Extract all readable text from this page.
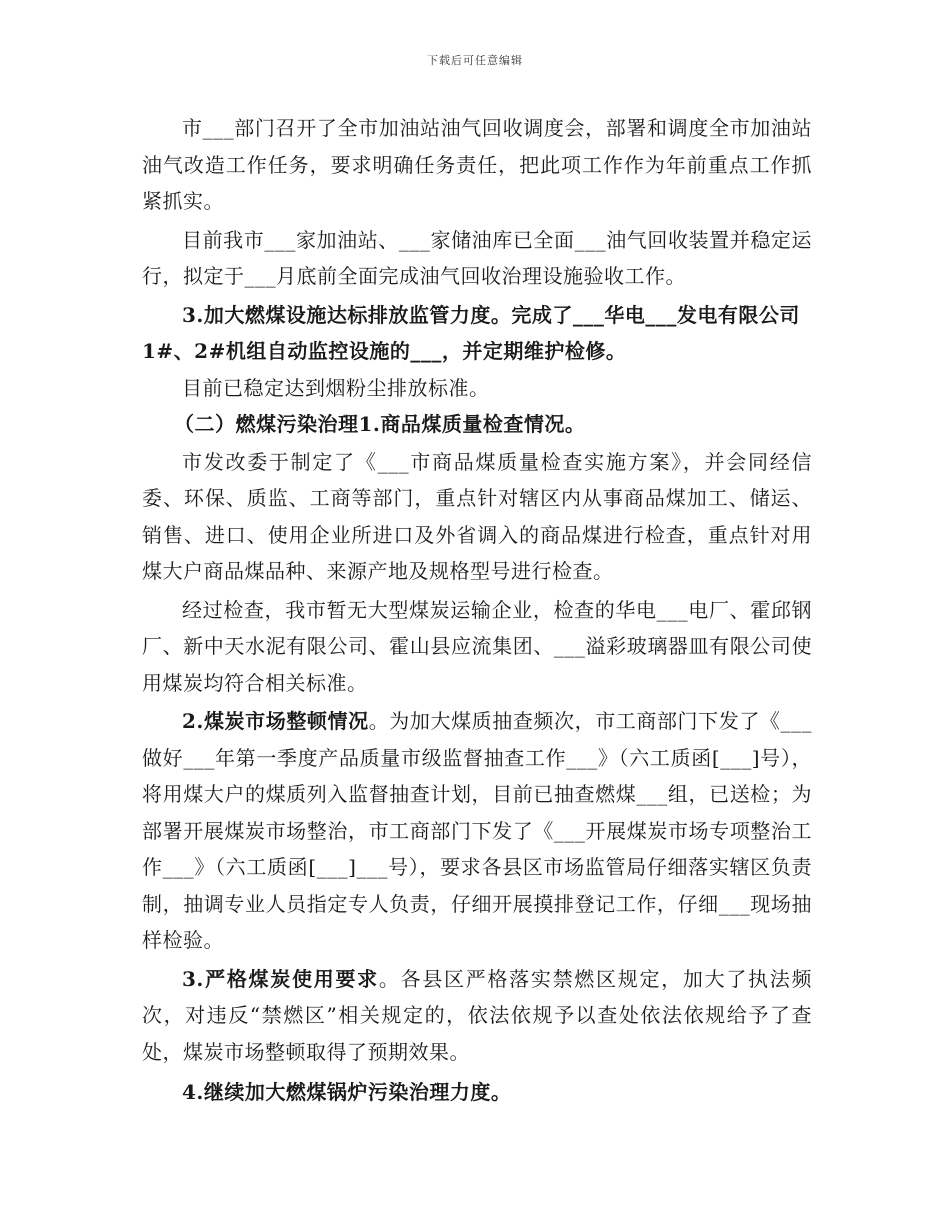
下载后可任意编辑

市___部门召开了全市加油站油气回收调度会，部署和调度全市加油站油气改造工作任务，要求明确任务责任，把此项工作作为年前重点工作抓紧抓实。

目前我市___家加油站、___家储油库已全面___油气回收装置并稳定运行，拟定于___月底前全面完成油气回收治理设施验收工作。

3.加大燃煤设施达标排放监管力度。完成了___华电___发电有限公司1#、2#机组自动监控设施的___，并定期维护检修。

目前已稳定达到烟粉尘排放标准。

（二）燃煤污染治理1.商品煤质量检查情况。

市发改委于制定了《___市商品煤质量检查实施方案》，并会同经信委、环保、质监、工商等部门，重点针对辖区内从事商品煤加工、储运、销售、进口、使用企业所进口及外省调入的商品煤进行检查，重点针对用煤大户商品煤品种、来源产地及规格型号进行检查。

经过检查，我市暂无大型煤炭运输企业，检查的华电___电厂、霍邱钢厂、新中天水泥有限公司、霍山县应流集团、___溢彩玻璃器皿有限公司使用煤炭均符合相关标准。

2.煤炭市场整顿情况。为加大煤质抽查频次，市工商部门下发了《___做好___年第一季度产品质量市级监督抽查工作___》（六工质函[___]号），将用煤大户的煤质列入监督抽查计划，目前已抽查燃煤___组，已送检；为部署开展煤炭市场整治，市工商部门下发了《___开展煤炭市场专项整治工作___》（六工质函[___]___号），要求各县区市场监管局仔细落实辖区负责制，抽调专业人员指定专人负责，仔细开展摸排登记工作，仔细___现场抽样检验。

3.严格煤炭使用要求。各县区严格落实禁燃区规定，加大了执法频次，对违反“禁燃区”相关规定的，依法依规予以查处依法依规给予了查处，煤炭市场整顿取得了预期效果。

4.继续加大燃煤锅炉污染治理力度。
